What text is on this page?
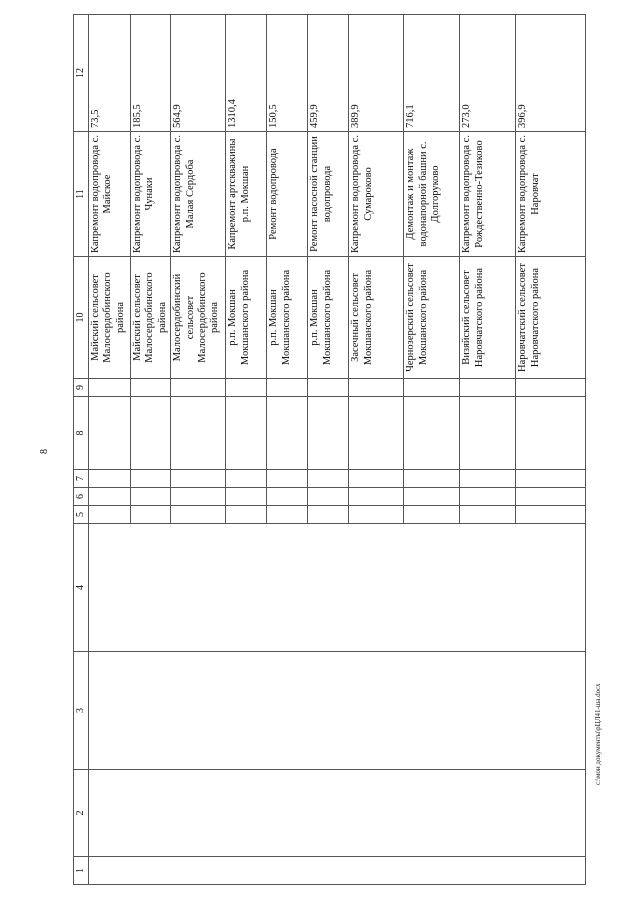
8
1	2	3	4	5	6	7	8	9	10	11	12
									Майский сельсовет Малосердобинского района	Капремонт водопровода с. Майское	73,5
									Майский сельсовет Малосердобинского района	Капремонт водопровода с. Чунаки	185,5
									Малосердобинский сельсовет Малосердобинского района	Капремонт водопровода с. Малая Сердоба	564,9
									р.п. Мокшан Мокшанского района	Капремонт артскважины р.п. Мокшан	1310,4
									р.п. Мокшан Мокшанского района	Ремонт водопровода	150,5
									р.п. Мокшан Мокшанского района	Ремонт насосной станции водопровода	459,9
									Засечный сельсовет Мокшанского района	Капремонт водопровода с. Сумароково	389,9
									Чернозерский сельсовет Мокшанского района	Демонтаж и монтаж водонапорной башни с. Долгоруково	716,1
									Визяйский сельсовет Наровчатского района	Капремонт водопровода с. Рождественно-Тезиково	273,0
									Наровчатский сельсовет Наровчатского района	Капремонт водопровода с. Наровчат	396,9
c:\мои документы\рЦЛ41-ша.docx
